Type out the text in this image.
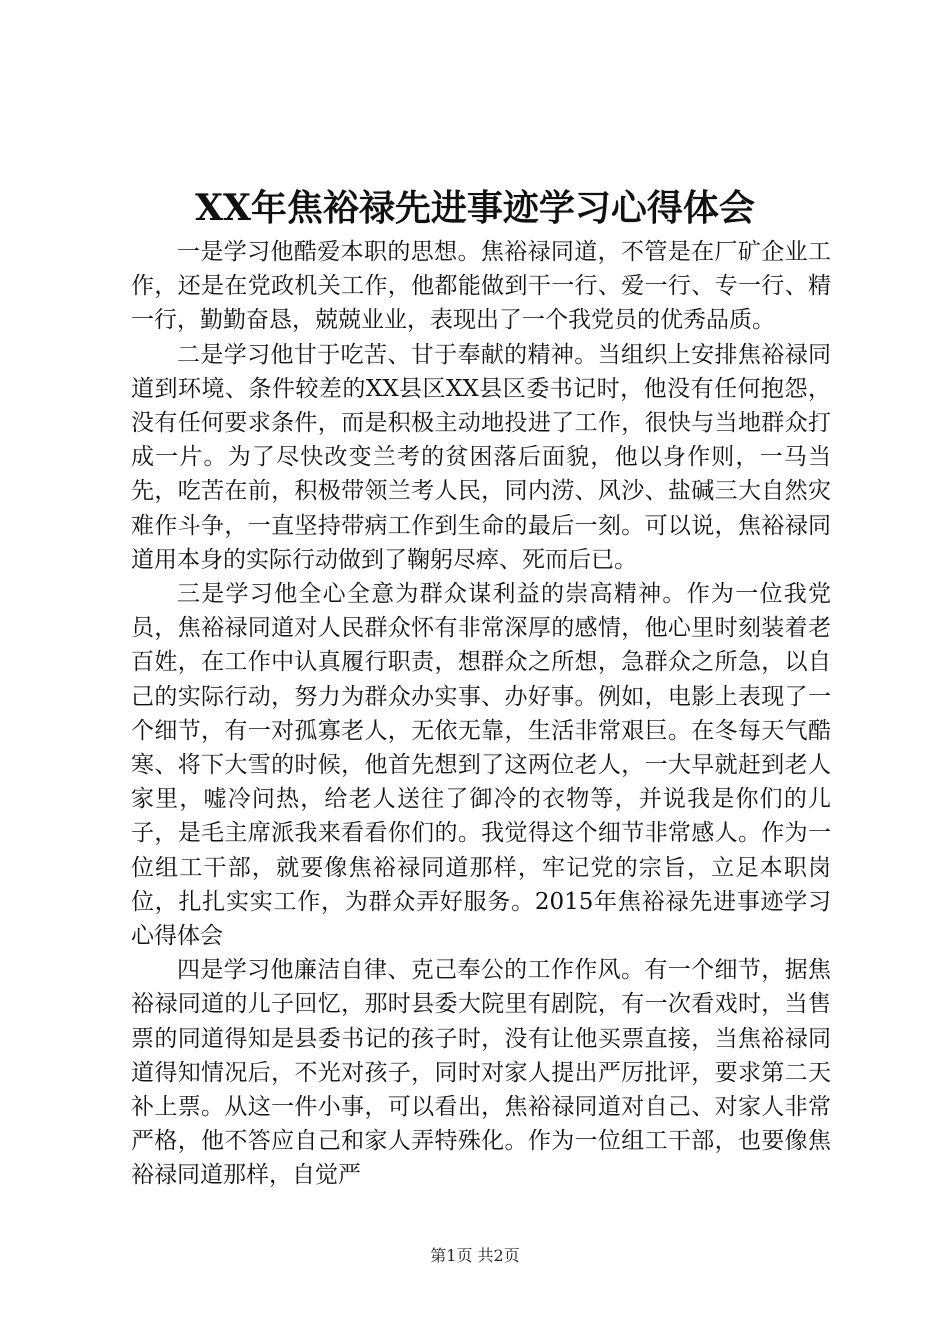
XX年焦裕禄先进事迹学习心得体会

一是学习他酷爱本职的思想。焦裕禄同道，不管是在厂矿企业工作，还是在党政机关工作，他都能做到干一行、爱一行、专一行、精一行，勤勤奋恳，兢兢业业，表现出了一个我党员的优秀品质。

二是学习他甘于吃苦、甘于奉献的精神。当组织上安排焦裕禄同道到环境、条件较差的XX县区XX县区委书记时，他没有任何抱怨，没有任何要求条件，而是积极主动地投进了工作，很快与当地群众打成一片。为了尽快改变兰考的贫困落后面貌，他以身作则，一马当先，吃苦在前，积极带领兰考人民，同内涝、风沙、盐碱三大自然灾难作斗争，一直坚持带病工作到生命的最后一刻。可以说，焦裕禄同道用本身的实际行动做到了鞠躬尽瘁、死而后已。

三是学习他全心全意为群众谋利益的崇高精神。作为一位我党员，焦裕禄同道对人民群众怀有非常深厚的感情，他心里时刻装着老百姓，在工作中认真履行职责，想群众之所想，急群众之所急，以自己的实际行动，努力为群众办实事、办好事。例如，电影上表现了一个细节，有一对孤寡老人，无依无靠，生活非常艰巨。在冬每天气酷寒、将下大雪的时候，他首先想到了这两位老人，一大早就赶到老人家里，嘘冷问热，给老人送往了御冷的衣物等，并说我是你们的儿子，是毛主席派我来看看你们的。我觉得这个细节非常感人。作为一位组工干部，就要像焦裕禄同道那样，牢记党的宗旨，立足本职岗位，扎扎实实工作，为群众弄好服务。2015年焦裕禄先进事迹学习心得体会

四是学习他廉洁自律、克己奉公的工作作风。有一个细节，据焦裕禄同道的儿子回忆，那时县委大院里有剧院，有一次看戏时，当售票的同道得知是县委书记的孩子时，没有让他买票直接，当焦裕禄同道得知情况后，不光对孩子，同时对家人提出严厉批评，要求第二天补上票。从这一件小事，可以看出，焦裕禄同道对自己、对家人非常严格，他不答应自己和家人弄特殊化。作为一位组工干部，也要像焦裕禄同道那样，自觉严

第1页 共2页
